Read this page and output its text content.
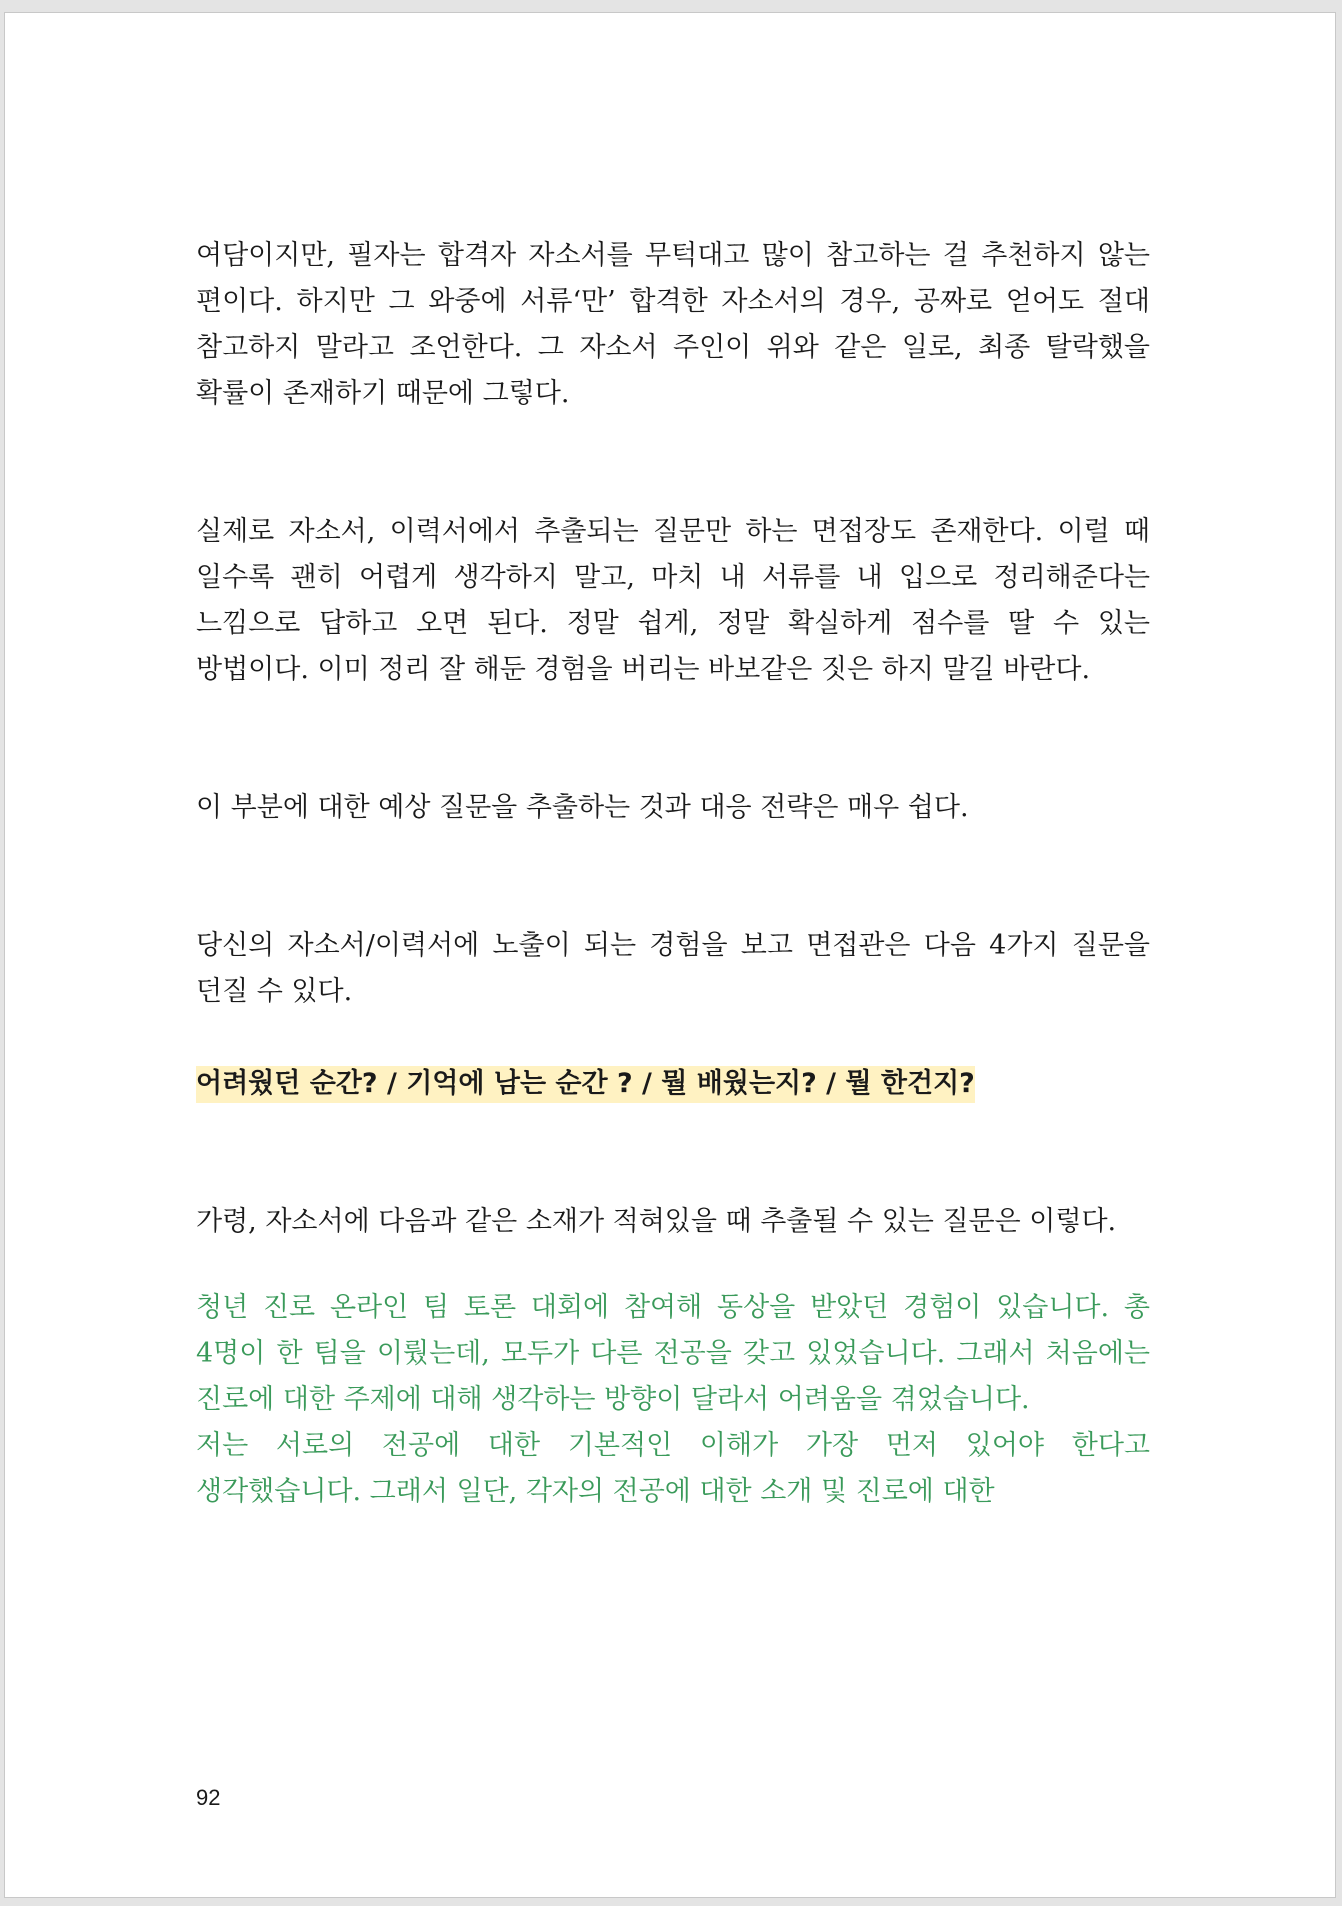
여담이지만, 필자는 합격자 자소서를 무턱대고 많이 참고하는 걸 추천하지 않는 편이다. 하지만 그 와중에 서류‘만’ 합격한 자소서의 경우, 공짜로 얻어도 절대 참고하지 말라고 조언한다. 그 자소서 주인이 위와 같은 일로, 최종 탈락했을 확률이 존재하기 때문에 그렇다.

실제로 자소서, 이력서에서 추출되는 질문만 하는 면접장도 존재한다. 이럴 때 일수록 괜히 어렵게 생각하지 말고, 마치 내 서류를 내 입으로 정리해준다는 느낌으로 답하고 오면 된다. 정말 쉽게, 정말 확실하게 점수를 딸 수 있는 방법이다. 이미 정리 잘 해둔 경험을 버리는 바보같은 짓은 하지 말길 바란다.

이 부분에 대한 예상 질문을 추출하는 것과 대응 전략은 매우 쉽다.

당신의 자소서/이력서에 노출이 되는 경험을 보고 면접관은 다음 4가지 질문을 던질 수 있다.

어려웠던 순간? / 기억에 남는 순간 ? / 뭘 배웠는지? / 뭘 한건지?

가령, 자소서에 다음과 같은 소재가 적혀있을 때 추출될 수 있는 질문은 이렇다.

청년 진로 온라인 팀 토론 대회에 참여해 동상을 받았던 경험이 있습니다. 총 4명이 한 팀을 이뤘는데, 모두가 다른 전공을 갖고 있었습니다. 그래서 처음에는 진로에 대한 주제에 대해 생각하는 방향이 달라서 어려움을 겪었습니다.

저는 서로의 전공에 대한 기본적인 이해가 가장 먼저 있어야 한다고 생각했습니다. 그래서 일단, 각자의 전공에 대한 소개 및 진로에 대한

92
